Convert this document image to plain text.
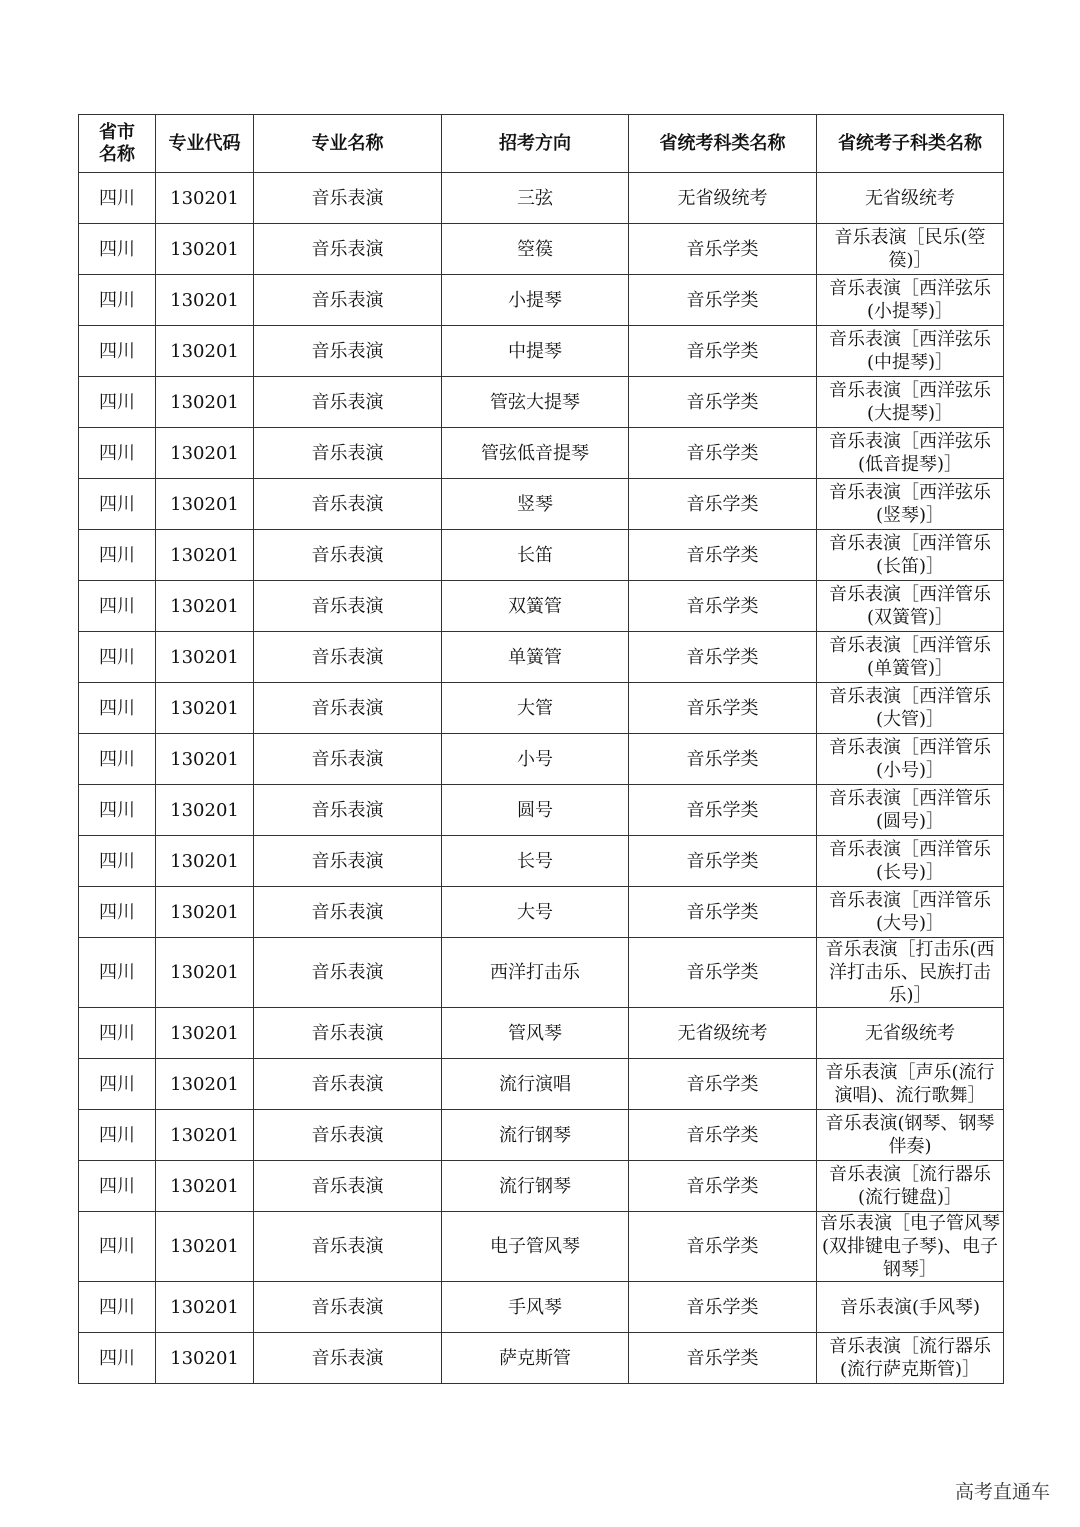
省市名称	专业代码	专业名称	招考方向	省统考科类名称	省统考子科类名称
四川	130201	音乐表演	三弦	无省级统考	无省级统考
四川	130201	音乐表演	箜篌	音乐学类	音乐表演［民乐(箜篌)］
四川	130201	音乐表演	小提琴	音乐学类	音乐表演［西洋弦乐(小提琴)］
四川	130201	音乐表演	中提琴	音乐学类	音乐表演［西洋弦乐(中提琴)］
四川	130201	音乐表演	管弦大提琴	音乐学类	音乐表演［西洋弦乐(大提琴)］
四川	130201	音乐表演	管弦低音提琴	音乐学类	音乐表演［西洋弦乐(低音提琴)］
四川	130201	音乐表演	竖琴	音乐学类	音乐表演［西洋弦乐(竖琴)］
四川	130201	音乐表演	长笛	音乐学类	音乐表演［西洋管乐(长笛)］
四川	130201	音乐表演	双簧管	音乐学类	音乐表演［西洋管乐(双簧管)］
四川	130201	音乐表演	单簧管	音乐学类	音乐表演［西洋管乐(单簧管)］
四川	130201	音乐表演	大管	音乐学类	音乐表演［西洋管乐(大管)］
四川	130201	音乐表演	小号	音乐学类	音乐表演［西洋管乐(小号)］
四川	130201	音乐表演	圆号	音乐学类	音乐表演［西洋管乐(圆号)］
四川	130201	音乐表演	长号	音乐学类	音乐表演［西洋管乐(长号)］
四川	130201	音乐表演	大号	音乐学类	音乐表演［西洋管乐(大号)］
四川	130201	音乐表演	西洋打击乐	音乐学类	音乐表演［打击乐(西洋打击乐、民族打击乐)］
四川	130201	音乐表演	管风琴	无省级统考	无省级统考
四川	130201	音乐表演	流行演唱	音乐学类	音乐表演［声乐(流行演唱)、流行歌舞］
四川	130201	音乐表演	流行钢琴	音乐学类	音乐表演(钢琴、钢琴伴奏)
四川	130201	音乐表演	流行钢琴	音乐学类	音乐表演［流行器乐(流行键盘)］
四川	130201	音乐表演	电子管风琴	音乐学类	音乐表演［电子管风琴(双排键电子琴)、电子钢琴］
四川	130201	音乐表演	手风琴	音乐学类	音乐表演(手风琴)
四川	130201	音乐表演	萨克斯管	音乐学类	音乐表演［流行器乐(流行萨克斯管)］
高考直通车
